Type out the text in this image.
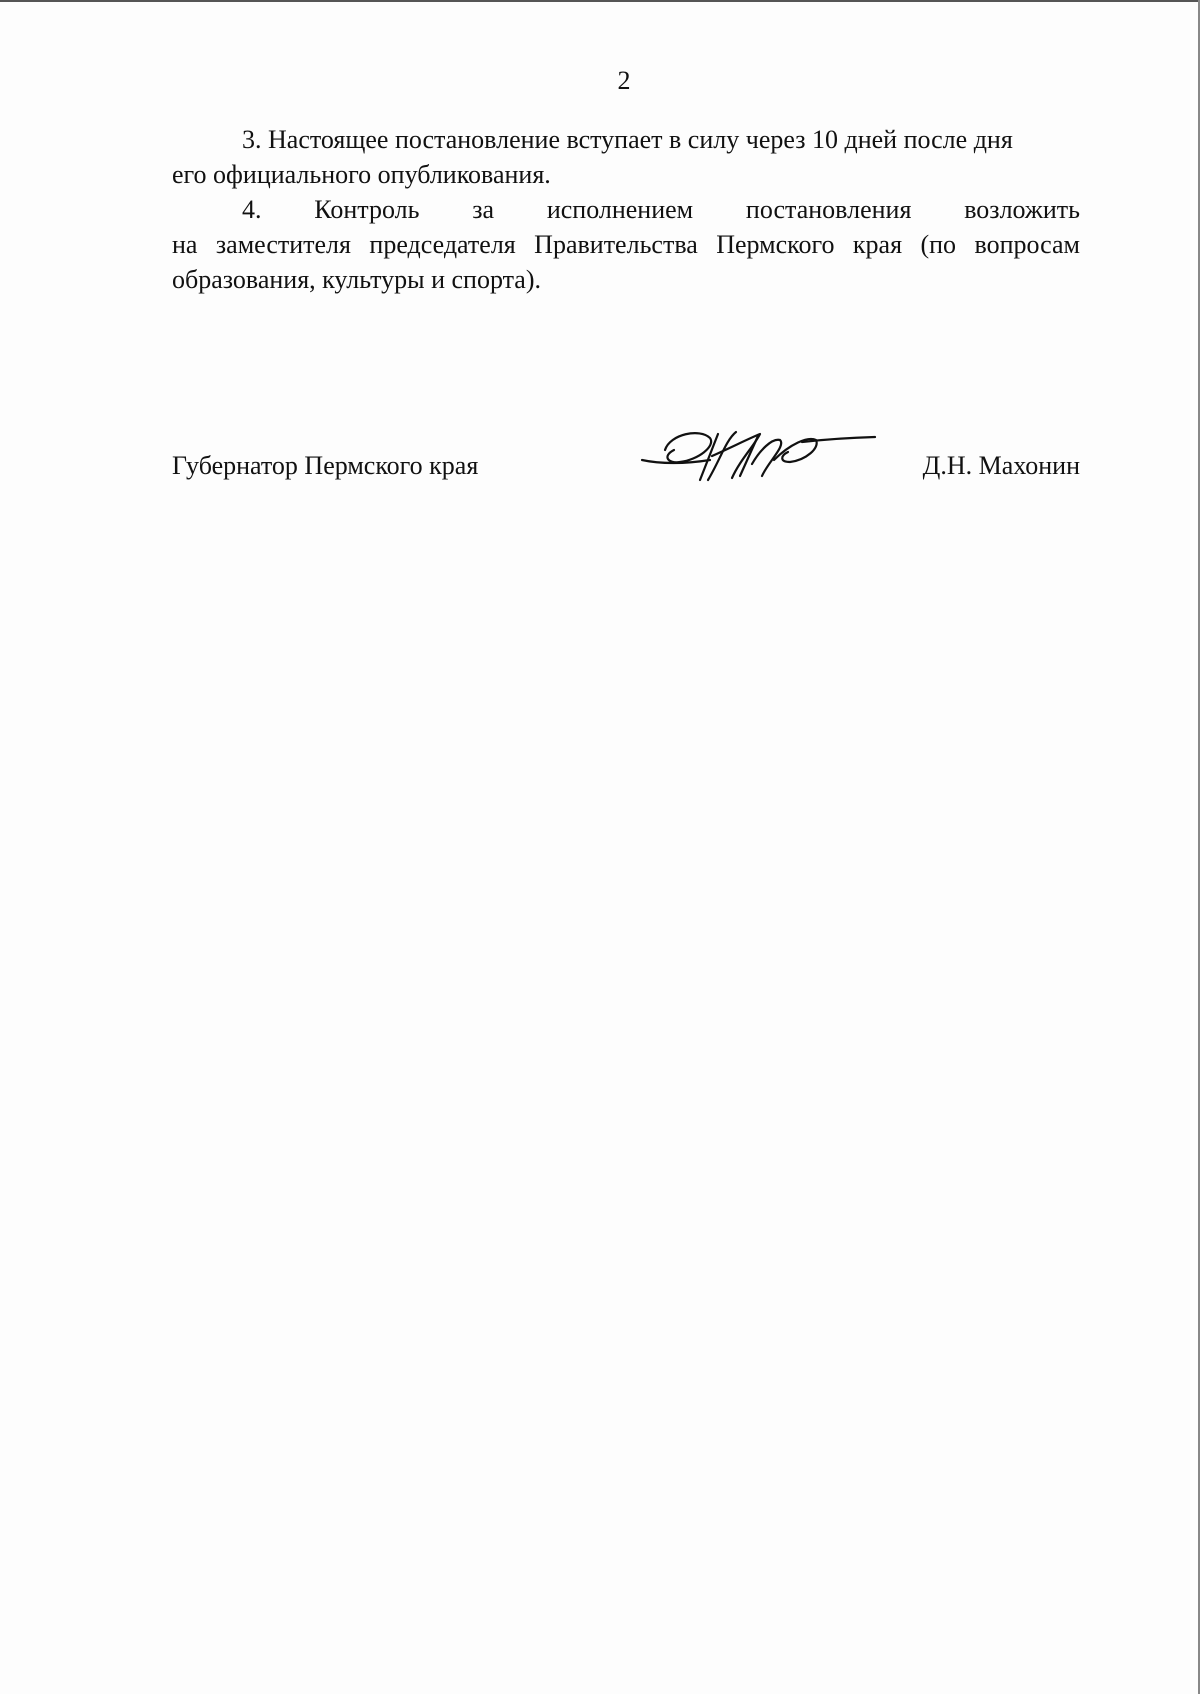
2

3. Настоящее постановление вступает в силу через 10 дней после дня
его официального опубликования.

4. Контроль за исполнением постановления возложить

на заместителя председателя Правительства Пермского края (по вопросам образования, культуры и спорта).

Губернатор Пермского края	Д.Н. Махонин
